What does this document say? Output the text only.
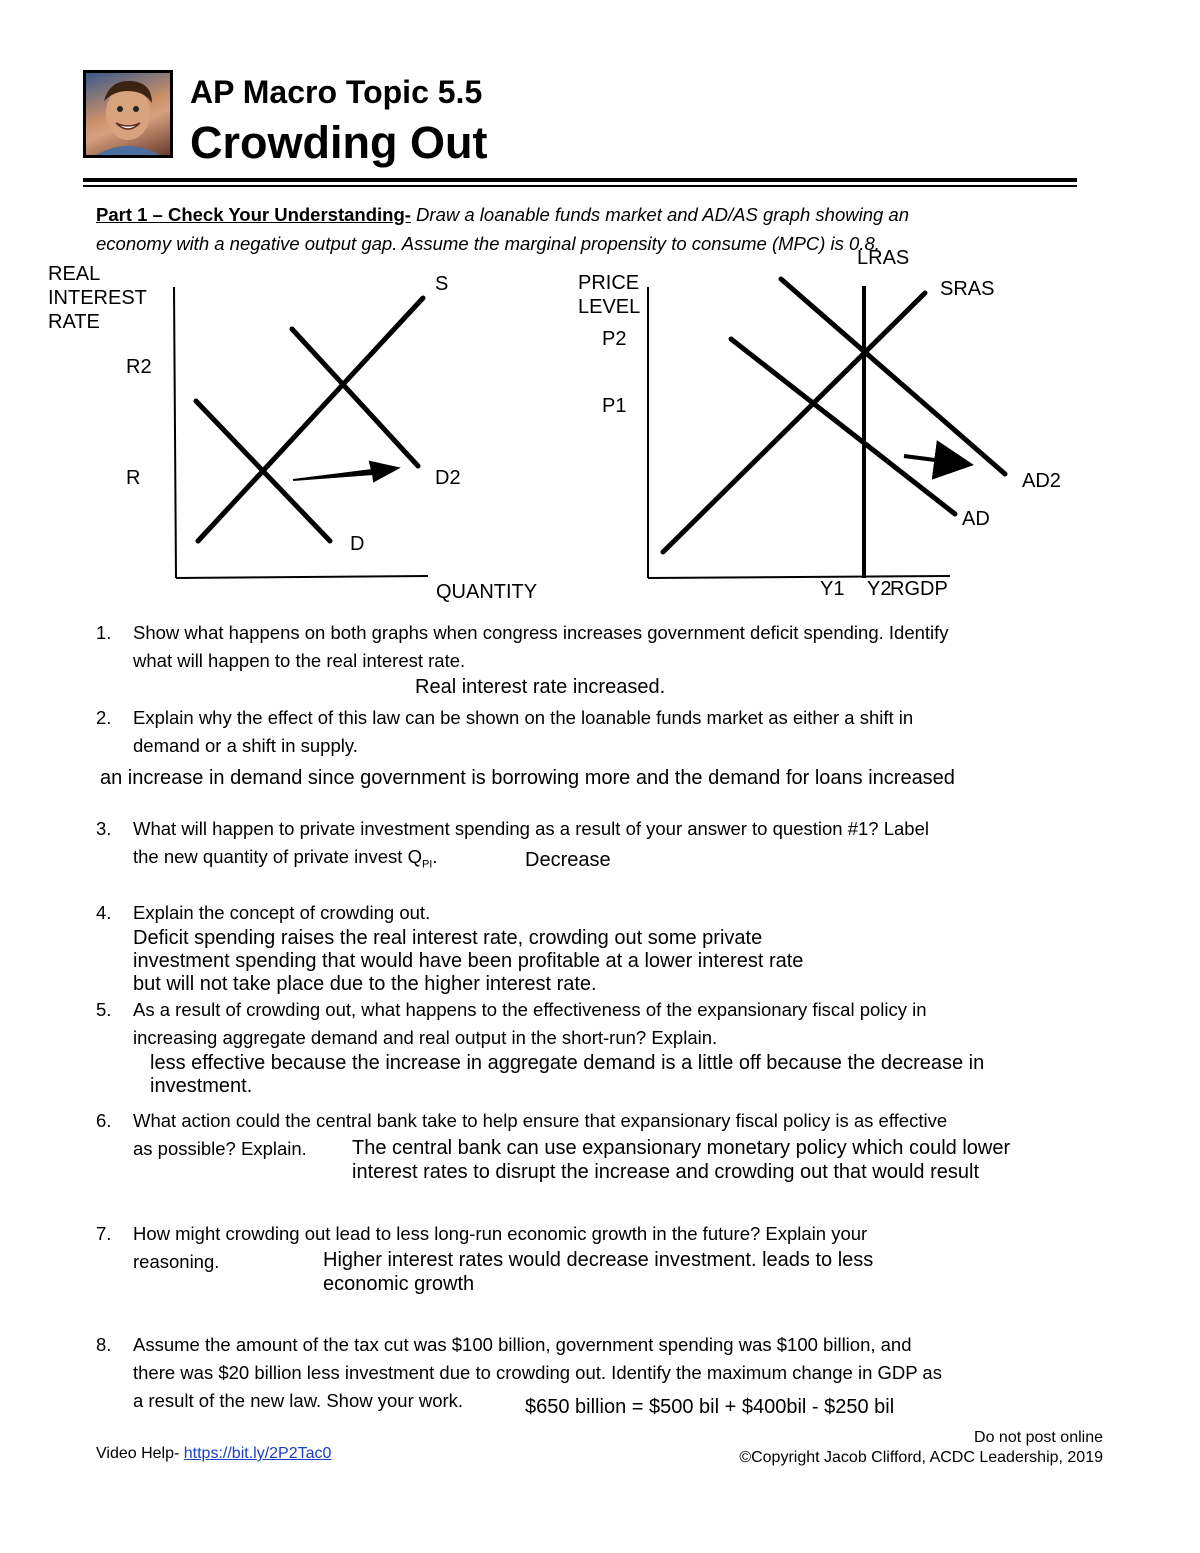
AP Macro Topic 5.5
Crowding Out
Part 1 – Check Your Understanding- Draw a loanable funds market and AD/AS graph showing an
economy with a negative output gap. Assume the marginal propensity to consume (MPC) is 0.8.
REAL
INTEREST
RATE
R2
R
S
D2
D
QUANTITY
PRICE
LEVEL
P2
P1
LRAS
SRAS
AD2
AD
Y1 Y2
RGDP
1. Show what happens on both graphs when congress increases government deficit spending. Identify
what will happen to the real interest rate.
Real interest rate increased.
2. Explain why the effect of this law can be shown on the loanable funds market as either a shift in
demand or a shift in supply.
an increase in demand since government is borrowing more and the demand for loans increased
3. What will happen to private investment spending as a result of your answer to question #1? Label
the new quantity of private invest $Q_{PI}$.	Decrease
4. Explain the concept of crowding out.
Deficit spending raises the real interest rate, crowding out some private
investment spending that would have been profitable at a lower interest rate
but will not take place due to the higher interest rate.
5. As a result of crowding out, what happens to the effectiveness of the expansionary fiscal policy in
increasing aggregate demand and real output in the short-run? Explain.
less effective because the increase in aggregate demand is a little off because the decrease in
investment.
6. What action could the central bank take to help ensure that expansionary fiscal policy is as effective
as possible? Explain.	The central bank can use expansionary monetary policy which could lower
interest rates to disrupt the increase and crowding out that would result
7. How might crowding out lead to less long-run economic growth in the future? Explain your
reasoning.	Higher interest rates would decrease investment. leads to less
economic growth
8. Assume the amount of the tax cut was $100 billion, government spending was $100 billion, and
there was $20 billion less investment due to crowding out. Identify the maximum change in GDP as
a result of the new law. Show your work.	$650 billion = $500 bil + $400bil - $250 bil
Video Help- https://bit.ly/2P2Tac0
Do not post online
©Copyright Jacob Clifford, ACDC Leadership, 2019
